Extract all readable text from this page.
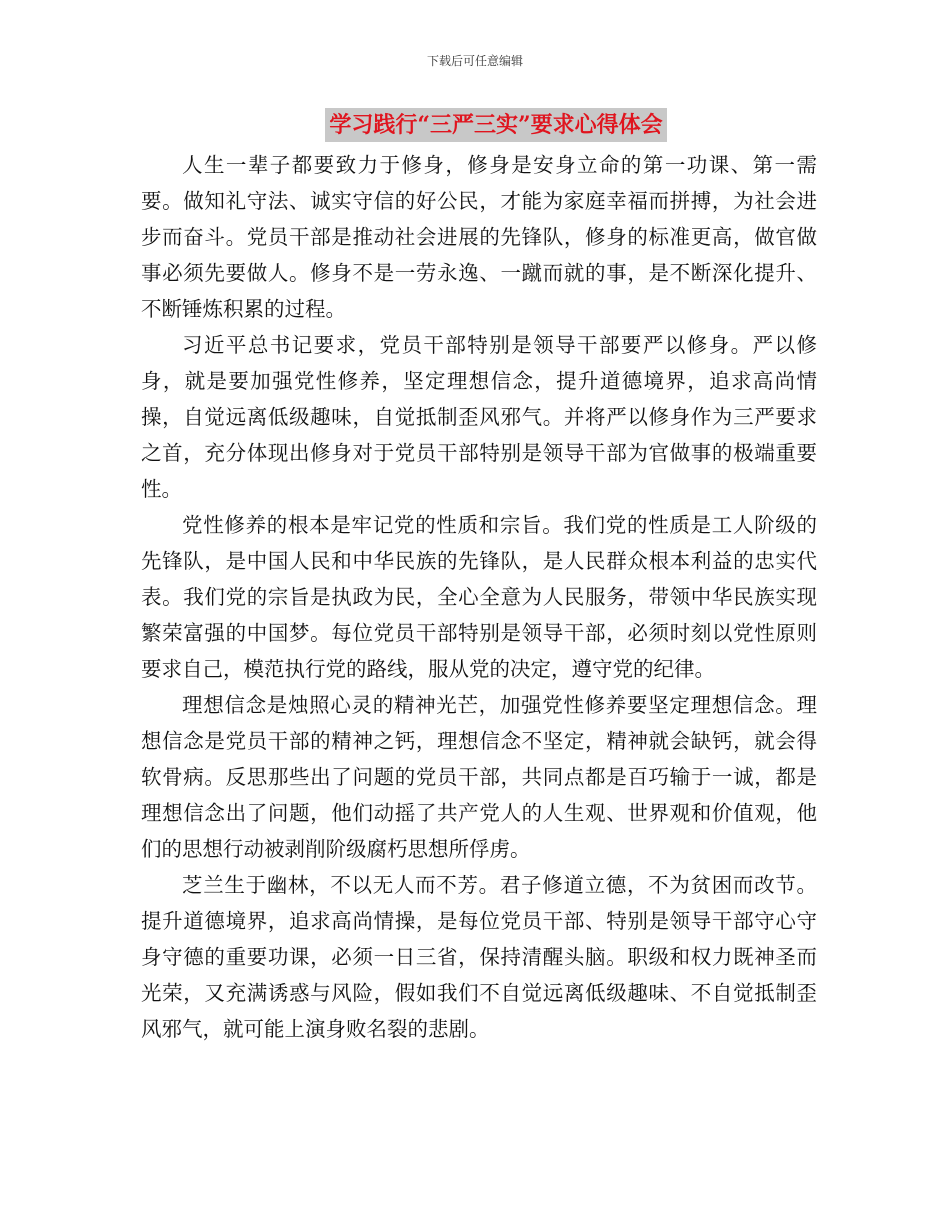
下载后可任意编辑
学习践行“三严三实”要求心得体会

人生一辈子都要致力于修身，修身是安身立命的第一功课、第一需要。做知礼守法、诚实守信的好公民，才能为家庭幸福而拼搏，为社会进步而奋斗。党员干部是推动社会进展的先锋队，修身的标准更高，做官做事必须先要做人。修身不是一劳永逸、一蹴而就的事，是不断深化提升、不断锤炼积累的过程。

习近平总书记要求，党员干部特别是领导干部要严以修身。严以修身，就是要加强党性修养，坚定理想信念，提升道德境界，追求高尚情操，自觉远离低级趣味，自觉抵制歪风邪气。并将严以修身作为三严要求之首，充分体现出修身对于党员干部特别是领导干部为官做事的极端重要性。

党性修养的根本是牢记党的性质和宗旨。我们党的性质是工人阶级的先锋队，是中国人民和中华民族的先锋队，是人民群众根本利益的忠实代表。我们党的宗旨是执政为民，全心全意为人民服务，带领中华民族实现繁荣富强的中国梦。每位党员干部特别是领导干部，必须时刻以党性原则要求自己，模范执行党的路线，服从党的决定，遵守党的纪律。

理想信念是烛照心灵的精神光芒，加强党性修养要坚定理想信念。理想信念是党员干部的精神之钙，理想信念不坚定，精神就会缺钙，就会得软骨病。反思那些出了问题的党员干部，共同点都是百巧输于一诚，都是理想信念出了问题，他们动摇了共产党人的人生观、世界观和价值观，他们的思想行动被剥削阶级腐朽思想所俘虏。

芝兰生于幽林，不以无人而不芳。君子修道立德，不为贫困而改节。提升道德境界，追求高尚情操，是每位党员干部、特别是领导干部守心守身守德的重要功课，必须一日三省，保持清醒头脑。职级和权力既神圣而光荣，又充满诱惑与风险，假如我们不自觉远离低级趣味、不自觉抵制歪风邪气，就可能上演身败名裂的悲剧。
